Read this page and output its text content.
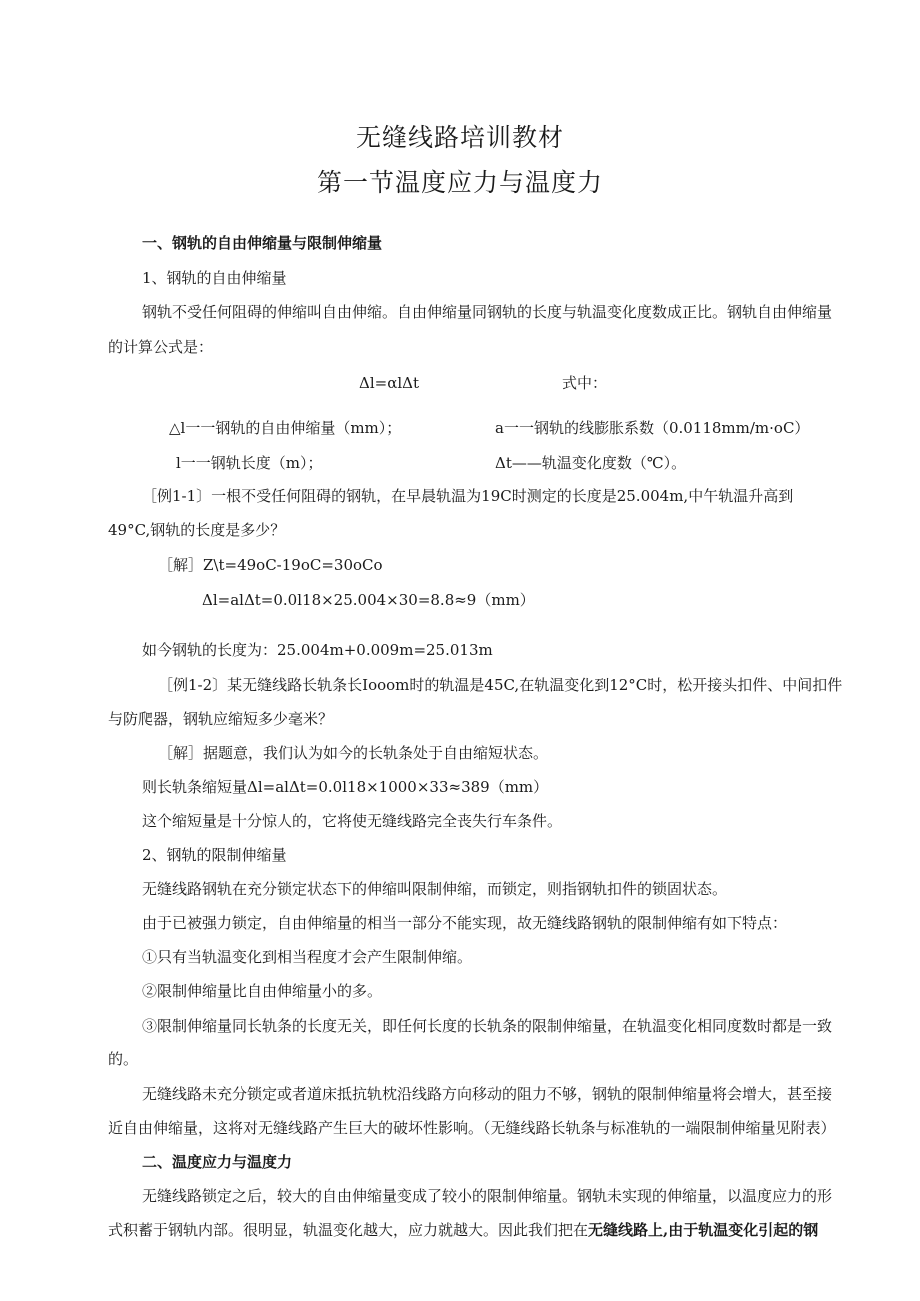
无缝线路培训教材
第一节温度应力与温度力
一、钢轨的自由伸缩量与限制伸缩量
1、钢轨的自由伸缩量
钢轨不受任何阻碍的伸缩叫自由伸缩。自由伸缩量同钢轨的长度与轨温变化度数成正比。钢轨自由伸缩量
的计算公式是：
Δl=αlΔt	式中：
△l一一钢轨的自由伸缩量（mm）；	a一一钢轨的线膨胀系数（0.0118mm/m·oC）
l一一钢轨长度（m）；	Δt——轨温变化度数（℃）。
［例1-1〕一根不受任何阻碍的钢轨，在早晨轨温为19C时测定的长度是25.004m,中午轨温升高到
49°C,钢轨的长度是多少？
［解］Z\t=49oC-19oC=30oCo
Δl=alΔt=0.0l18×25.004×30=8.8≈9（mm）
如今钢轨的长度为：25.004m+0.009m=25.013m
［例1-2〕某无缝线路长轨条长Iooom时的轨温是45C,在轨温变化到12°C时，松开接头扣件、中间扣件
与防爬器，钢轨应缩短多少毫米？
［解］据题意，我们认为如今的长轨条处于自由缩短状态。
则长轨条缩短量Δl=alΔt=0.0l18×1000×33≈389（mm）
这个缩短量是十分惊人的，它将使无缝线路完全丧失行车条件。
2、钢轨的限制伸缩量
无缝线路钢轨在充分锁定状态下的伸缩叫限制伸缩，而锁定，则指钢轨扣件的锁固状态。
由于已被强力锁定，自由伸缩量的相当一部分不能实现，故无缝线路钢轨的限制伸缩有如下特点：
①只有当轨温变化到相当程度才会产生限制伸缩。
②限制伸缩量比自由伸缩量小的多。
③限制伸缩量同长轨条的长度无关，即任何长度的长轨条的限制伸缩量，在轨温变化相同度数时都是一致
的。
无缝线路未充分锁定或者道床抵抗轨枕沿线路方向移动的阻力不够，钢轨的限制伸缩量将会增大，甚至接
近自由伸缩量，这将对无缝线路产生巨大的破坏性影响。（无缝线路长轨条与标准轨的一端限制伸缩量见附表）
二、温度应力与温度力
无缝线路锁定之后，较大的自由伸缩量变成了较小的限制伸缩量。钢轨未实现的伸缩量，以温度应力的形
式积蓄于钢轨内部。很明显，轨温变化越大，应力就越大。因此我们把在无缝线路上,由于轨温变化引起的钢
